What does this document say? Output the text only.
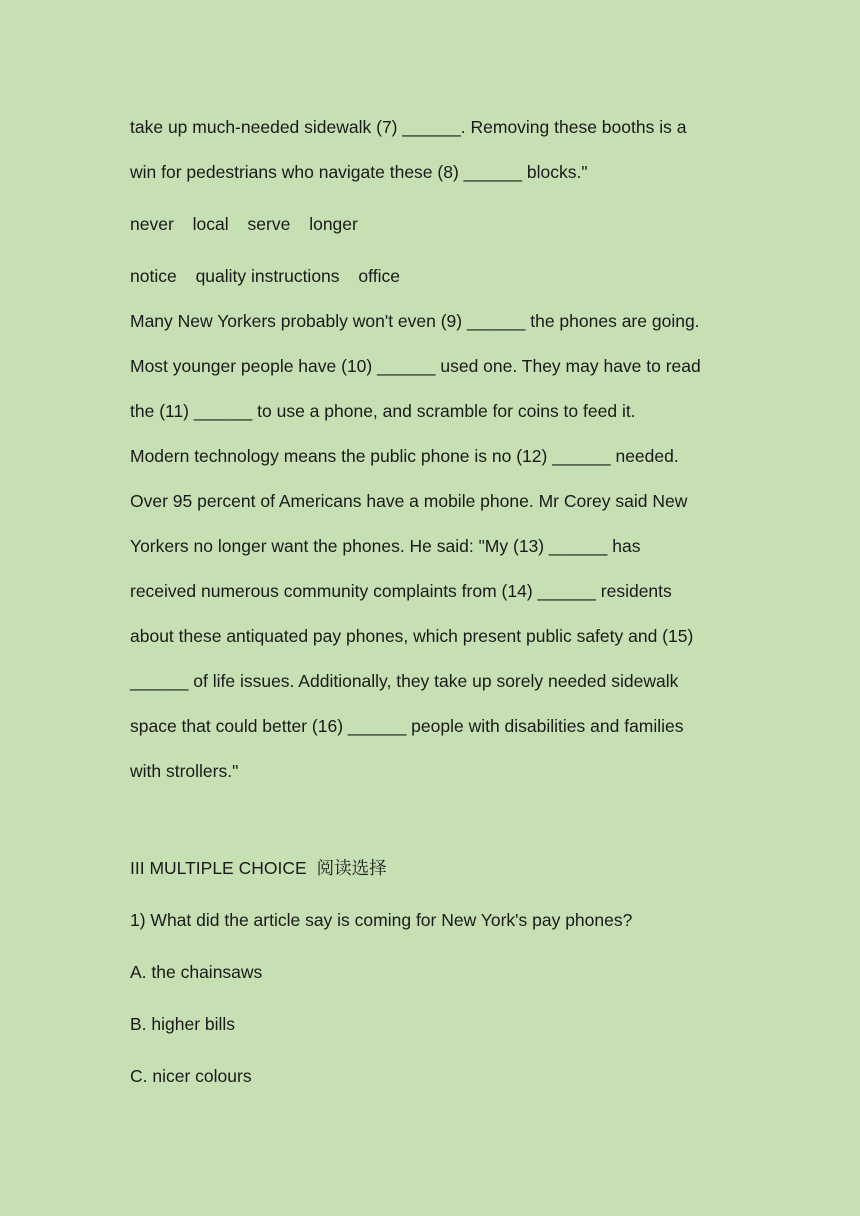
take up much-needed sidewalk (7) ______. Removing these booths is a
win for pedestrians who navigate these (8) ______ blocks."
never local serve longer
notice quality instructions office
Many New Yorkers probably won't even (9) ______ the phones are going.
Most younger people have (10) ______ used one. They may have to read
the (11) ______ to use a phone, and scramble for coins to feed it.
Modern technology means the public phone is no (12) ______ needed.
Over 95 percent of Americans have a mobile phone. Mr Corey said New
Yorkers no longer want the phones. He said: "My (13) ______ has
received numerous community complaints from (14) ______ residents
about these antiquated pay phones, which present public safety and (15)
______ of life issues. Additionally, they take up sorely needed sidewalk
space that could better (16) ______ people with disabilities and families
with strollers."
III MULTIPLE CHOICE 阅读选择
1) What did the article say is coming for New York's pay phones?
A. the chainsaws
B. higher bills
C. nicer colours
